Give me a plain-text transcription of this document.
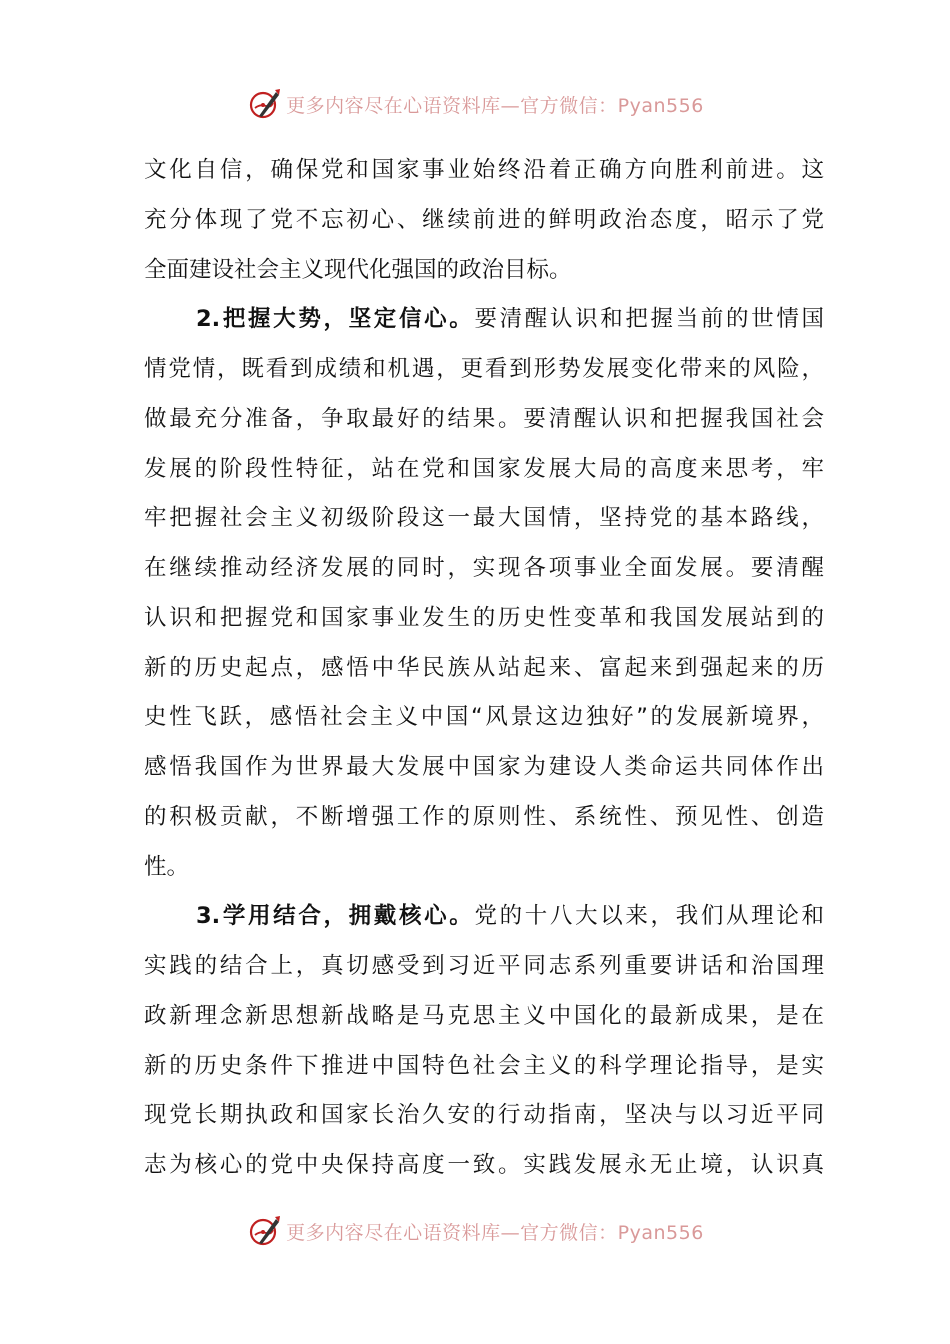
更多内容尽在心语资料库—官方微信：Pyan556
文化自信，确保党和国家事业始终沿着正确方向胜利前进。这
充分体现了党不忘初心、继续前进的鲜明政治态度，昭示了党
全面建设社会主义现代化强国的政治目标。
2.把握大势，坚定信心。要清醒认识和把握当前的世情国
情党情，既看到成绩和机遇，更看到形势发展变化带来的风险，
做最充分准备，争取最好的结果。要清醒认识和把握我国社会
发展的阶段性特征，站在党和国家发展大局的高度来思考，牢
牢把握社会主义初级阶段这一最大国情，坚持党的基本路线，
在继续推动经济发展的同时，实现各项事业全面发展。要清醒
认识和把握党和国家事业发生的历史性变革和我国发展站到的
新的历史起点，感悟中华民族从站起来、富起来到强起来的历
史性飞跃，感悟社会主义中国“风景这边独好”的发展新境界，
感悟我国作为世界最大发展中国家为建设人类命运共同体作出
的积极贡献，不断增强工作的原则性、系统性、预见性、创造
性。
3.学用结合，拥戴核心。党的十八大以来，我们从理论和
实践的结合上，真切感受到习近平同志系列重要讲话和治国理
政新理念新思想新战略是马克思主义中国化的最新成果，是在
新的历史条件下推进中国特色社会主义的科学理论指导，是实
现党长期执政和国家长治久安的行动指南，坚决与以习近平同
志为核心的党中央保持高度一致。实践发展永无止境，认识真
更多内容尽在心语资料库—官方微信：Pyan556
